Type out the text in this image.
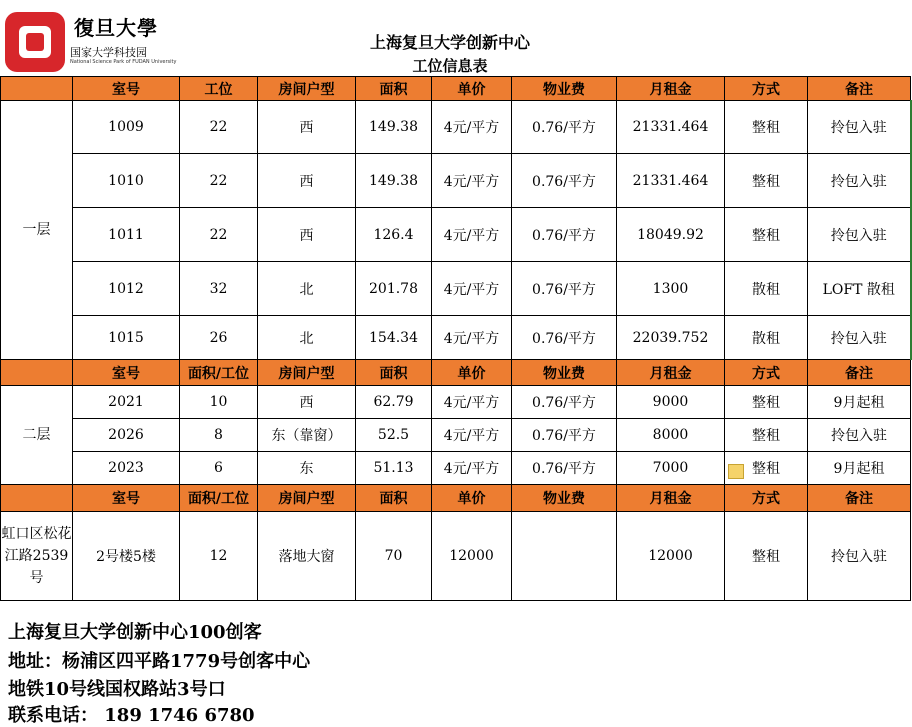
復旦大學
国家大学科技园
National Science Park of FUDAN University
上海复旦大学创新中心
工位信息表
	室号	工位	房间户型	面积	单价	物业费	月租金	方式	备注
一层	1009	22	西	149.38	4元/平方	0.76/平方	21331.464	整租	拎包入驻
	1010	22	西	149.38	4元/平方	0.76/平方	21331.464	整租	拎包入驻
	1011	22	西	126.4	4元/平方	0.76/平方	18049.92	整租	拎包入驻
	1012	32	北	201.78	4元/平方	0.76/平方	1300	散租	LOFT 散租
	1015	26	北	154.34	4元/平方	0.76/平方	22039.752	散租	拎包入驻
	室号	面积/工位	房间户型	面积	单价	物业费	月租金	方式	备注
二层	2021	10	西	62.79	4元/平方	0.76/平方	9000	整租	9月起租
	2026	8	东（靠窗）	52.5	4元/平方	0.76/平方	8000	整租	拎包入驻
	2023	6	东	51.13	4元/平方	0.76/平方	7000	整租	9月起租
	室号	面积/工位	房间户型	面积	单价	物业费	月租金	方式	备注
虹口区松花江路2539号	2号楼5楼	12	落地大窗	70	12000		12000	整租	拎包入驻
上海复旦大学创新中心100创客
地址：杨浦区四平路1779号创客中心
地铁10号线国权路站3号口
联系电话： 189 1746 6780
